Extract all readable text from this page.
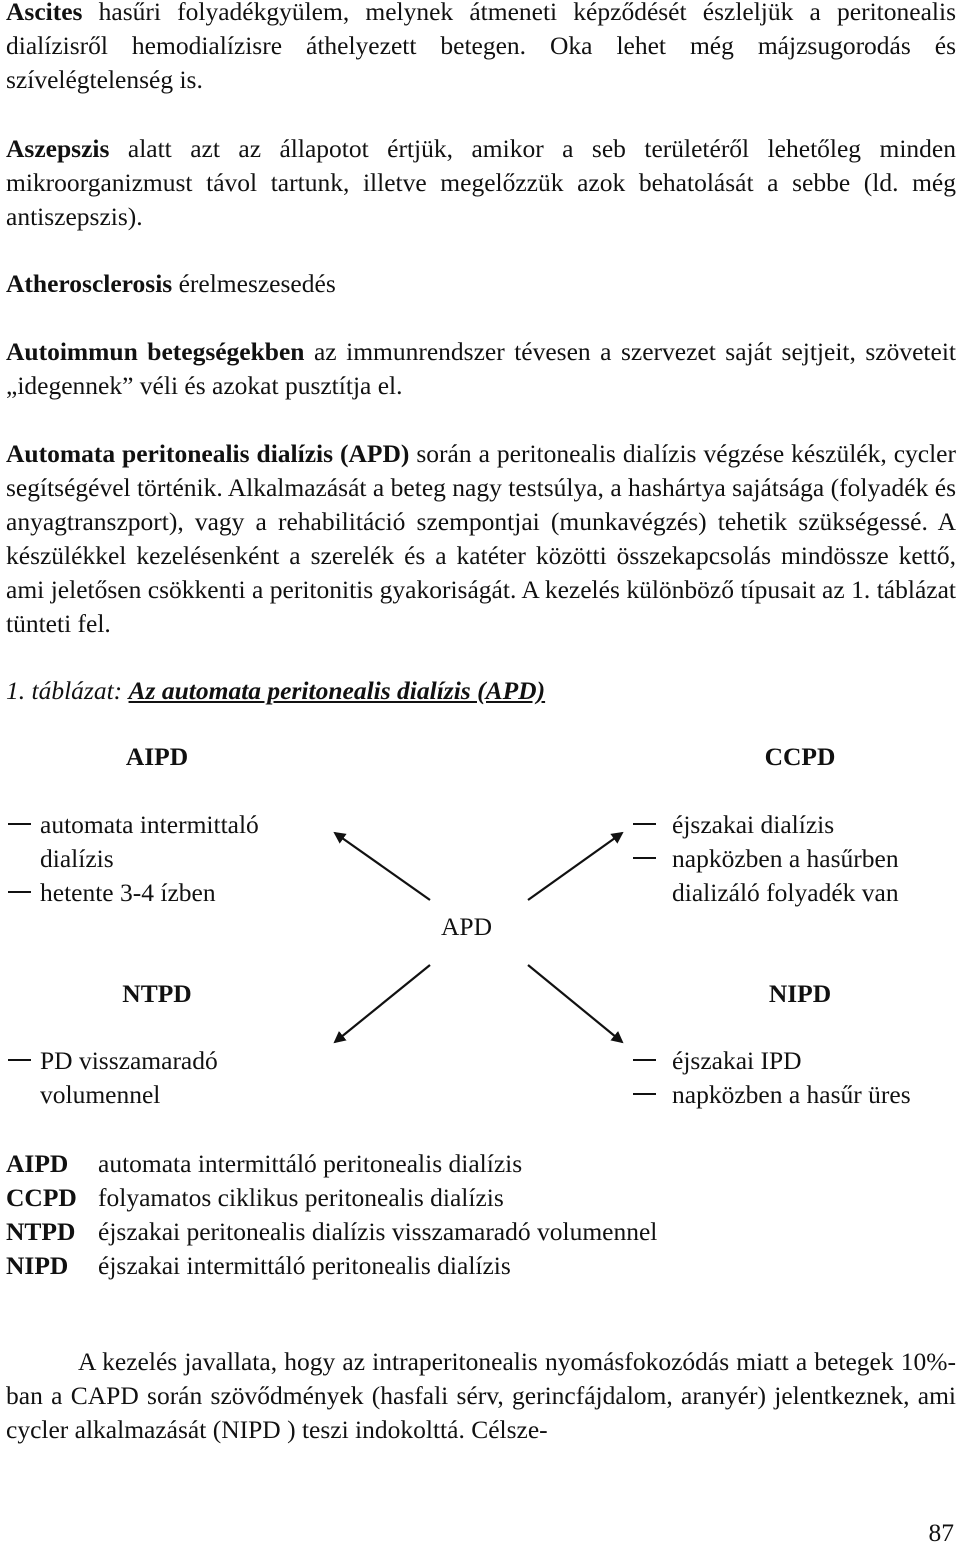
Ascites hasűri folyadékgyülem, melynek átmeneti képződését észleljük a peritonealis dialízisről hemodialízisre áthelyezett betegen. Oka lehet még májzsugorodás és szívelégtelenség is.
Aszepszis alatt azt az állapotot értjük, amikor a seb területéről lehetőleg minden mikroorganizmust távol tartunk, illetve megelőzzük azok behatolását a sebbe (ld. még antiszepszis).
Atherosclerosis érelmeszesedés
Autoimmun betegségekben az immunrendszer tévesen a szervezet saját sejtjeit, szöveteit „idegennek” véli és azokat pusztítja el.
Automata peritonealis dialízis (APD) során a peritonealis dialízis végzése készülék, cycler segítségével történik. Alkalmazását a beteg nagy testsúlya, a hashártya sajátsága (folyadék és anyagtranszport), vagy a rehabilitáció szempontjai (munkavégzés) tehetik szükségessé. A készülékkel kezelésenként a szerelék és a katéter közötti összekapcsolás mindössze kettő, ami jeletősen csökkenti a peritonitis gyakoriságát. A kezelés különböző típusait az 1. táblázat tünteti fel.
1. táblázat: Az automata peritonealis dialízis (APD)
AIPD	CCPD
NTPD	NIPD
APD
automata intermittaló
dialízis
hetente 3-4 ízben
éjszakai dialízis
napközben a hasűrben
dializáló folyadék van
PD visszamaradó
volumennel
éjszakai IPD
napközben a hasűr üres
AIPD	automata intermittáló peritonealis dialízis
CCPD folyamatos ciklikus peritonealis dialízis
NTPD éjszakai peritonealis dialízis visszamaradó volumennel
NIPD	éjszakai intermittáló peritonealis dialízis
A kezelés javallata, hogy az intraperitonealis nyomásfokozódás miatt a betegek 10%-ban a CAPD során szövődmények (hasfali sérv, gerincfájdalom, aranyér) jelentkeznek, ami cycler alkalmazását (NIPD ) teszi indokolttá. Célsze-
87
